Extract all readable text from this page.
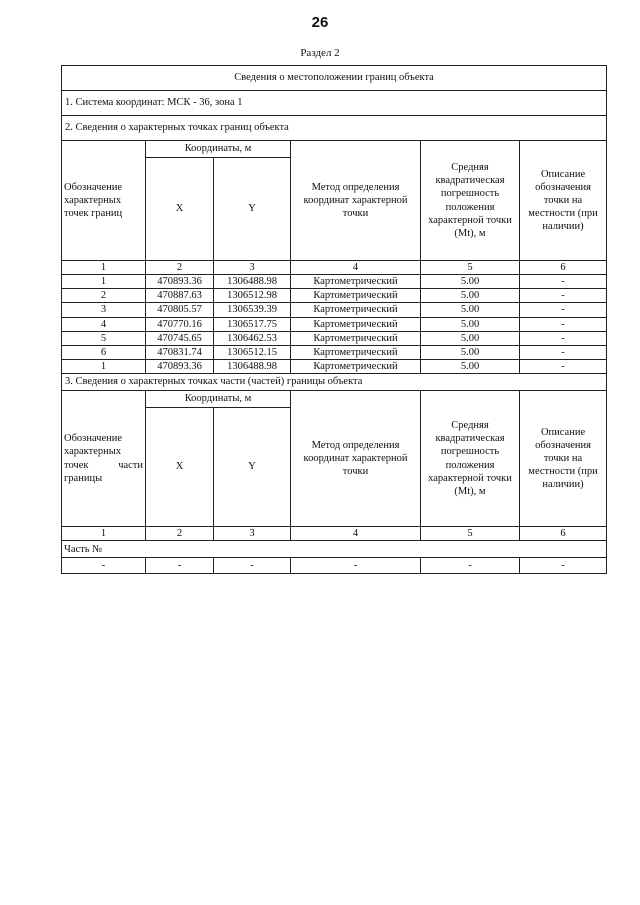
26
Раздел 2
Сведения о местоположении границ объекта					
1. Система координат: МСК - 36, зона 1					
2. Сведения о характерных точках границ объекта					
Обозначение характерных точек границ	Координаты, м		Метод определения координат характерной точки	Средняя квадратическая погрешность положения характерной точки (Mt), м	Описание обозначения точки на местности (при наличии)
	X	Y			
1	2	3	4	5	6
1	470893.36	1306488.98	Картометрический	5.00	-
2	470887.63	1306512.98	Картометрический	5.00	-
3	470805.57	1306539.39	Картометрический	5.00	-
4	470770.16	1306517.75	Картометрический	5.00	-
5	470745.65	1306462.53	Картометрический	5.00	-
6	470831.74	1306512.15	Картометрический	5.00	-
1	470893.36	1306488.98	Картометрический	5.00	-
3. Сведения о характерных точках части (частей) границы объекта					
Обозначение характерных точек части границы	Координаты, м		Метод определения координат характерной точки	Средняя квадратическая погрешность положения характерной точки (Mt), м	Описание обозначения точки на местности (при наличии)
	X	Y			
1	2	3	4	5	6
Часть №					
-	-	-	-	-	-
